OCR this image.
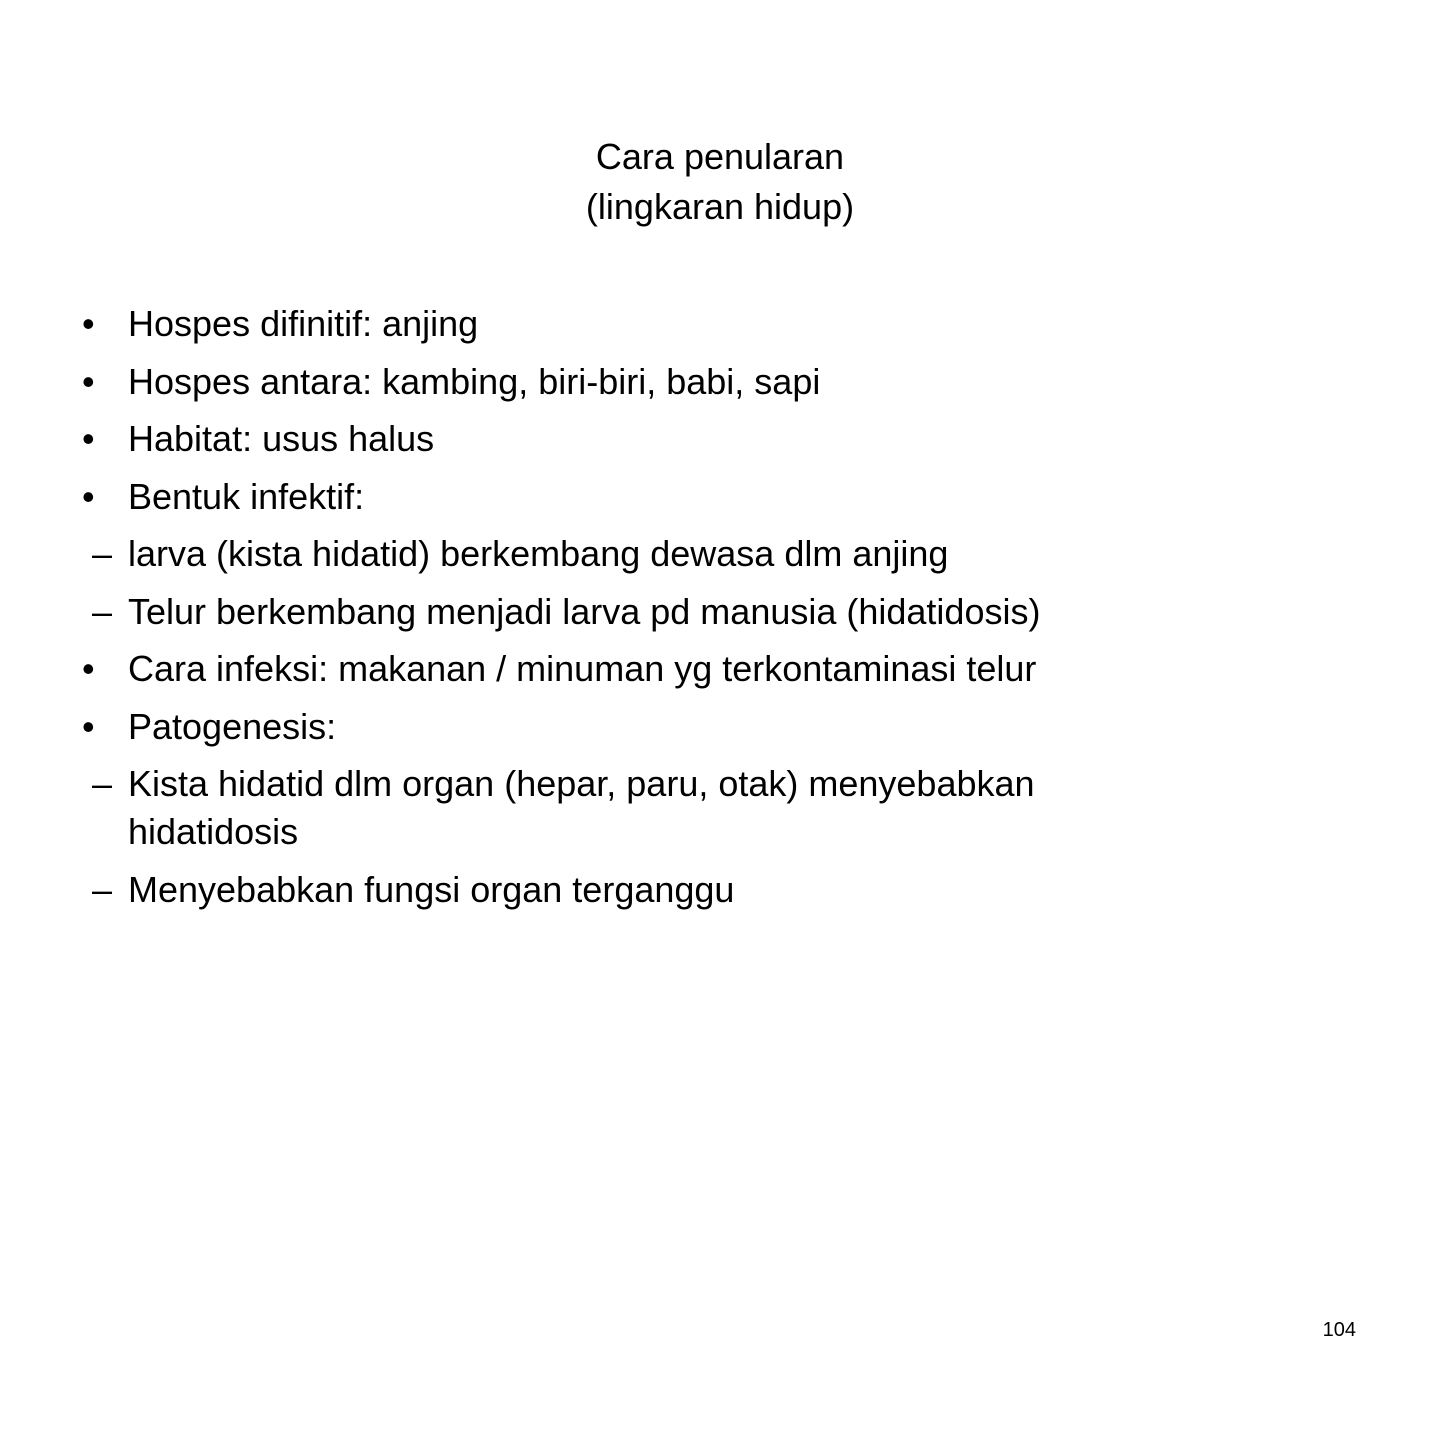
Cara penularan
(lingkaran hidup)
• Hospes difinitif: anjing
• Hospes antara: kambing, biri-biri, babi, sapi
• Habitat: usus halus
• Bentuk infektif:
– larva (kista hidatid) berkembang dewasa dlm anjing
– Telur berkembang menjadi larva pd manusia (hidatidosis)
• Cara infeksi: makanan / minuman yg terkontaminasi telur
• Patogenesis:
– Kista hidatid dlm organ (hepar, paru, otak) menyebabkan hidatidosis
– Menyebabkan fungsi organ terganggu
104
